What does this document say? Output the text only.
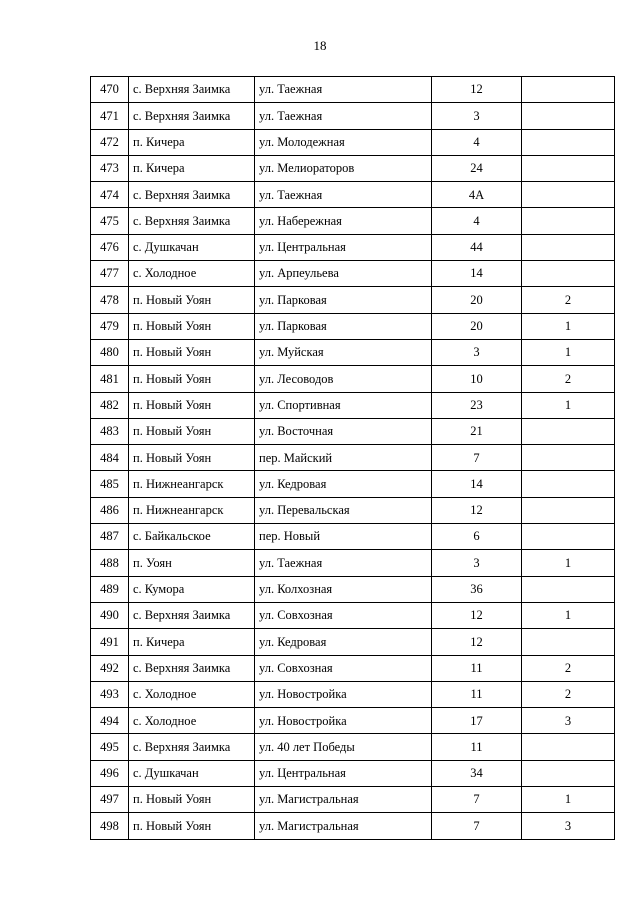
18
470	с. Верхняя Заимка	ул. Таежная	12	
471	с. Верхняя Заимка	ул. Таежная	3	
472	п. Кичера	ул. Молодежная	4	
473	п. Кичера	ул. Мелиораторов	24	
474	с. Верхняя Заимка	ул. Таежная	4А	
475	с. Верхняя Заимка	ул. Набережная	4	
476	с. Душкачан	ул. Центральная	44	
477	с. Холодное	ул. Арпеульева	14	
478	п. Новый Уоян	ул. Парковая	20	2
479	п. Новый Уоян	ул. Парковая	20	1
480	п. Новый Уоян	ул. Муйская	3	1
481	п. Новый Уоян	ул. Лесоводов	10	2
482	п. Новый Уоян	ул. Спортивная	23	1
483	п. Новый Уоян	ул. Восточная	21	
484	п. Новый Уоян	пер. Майский	7	
485	п. Нижнеангарск	ул. Кедровая	14	
486	п. Нижнеангарск	ул. Перевальская	12	
487	с. Байкальское	пер. Новый	6	
488	п. Уоян	ул. Таежная	3	1
489	с. Кумора	ул. Колхозная	36	
490	с. Верхняя Заимка	ул. Совхозная	12	1
491	п. Кичера	ул. Кедровая	12	
492	с. Верхняя Заимка	ул. Совхозная	11	2
493	с. Холодное	ул. Новостройка	11	2
494	с. Холодное	ул. Новостройка	17	3
495	с. Верхняя Заимка	ул. 40 лет Победы	11	
496	с. Душкачан	ул. Центральная	34	
497	п. Новый Уоян	ул. Магистральная	7	1
498	п. Новый Уоян	ул. Магистральная	7	3
